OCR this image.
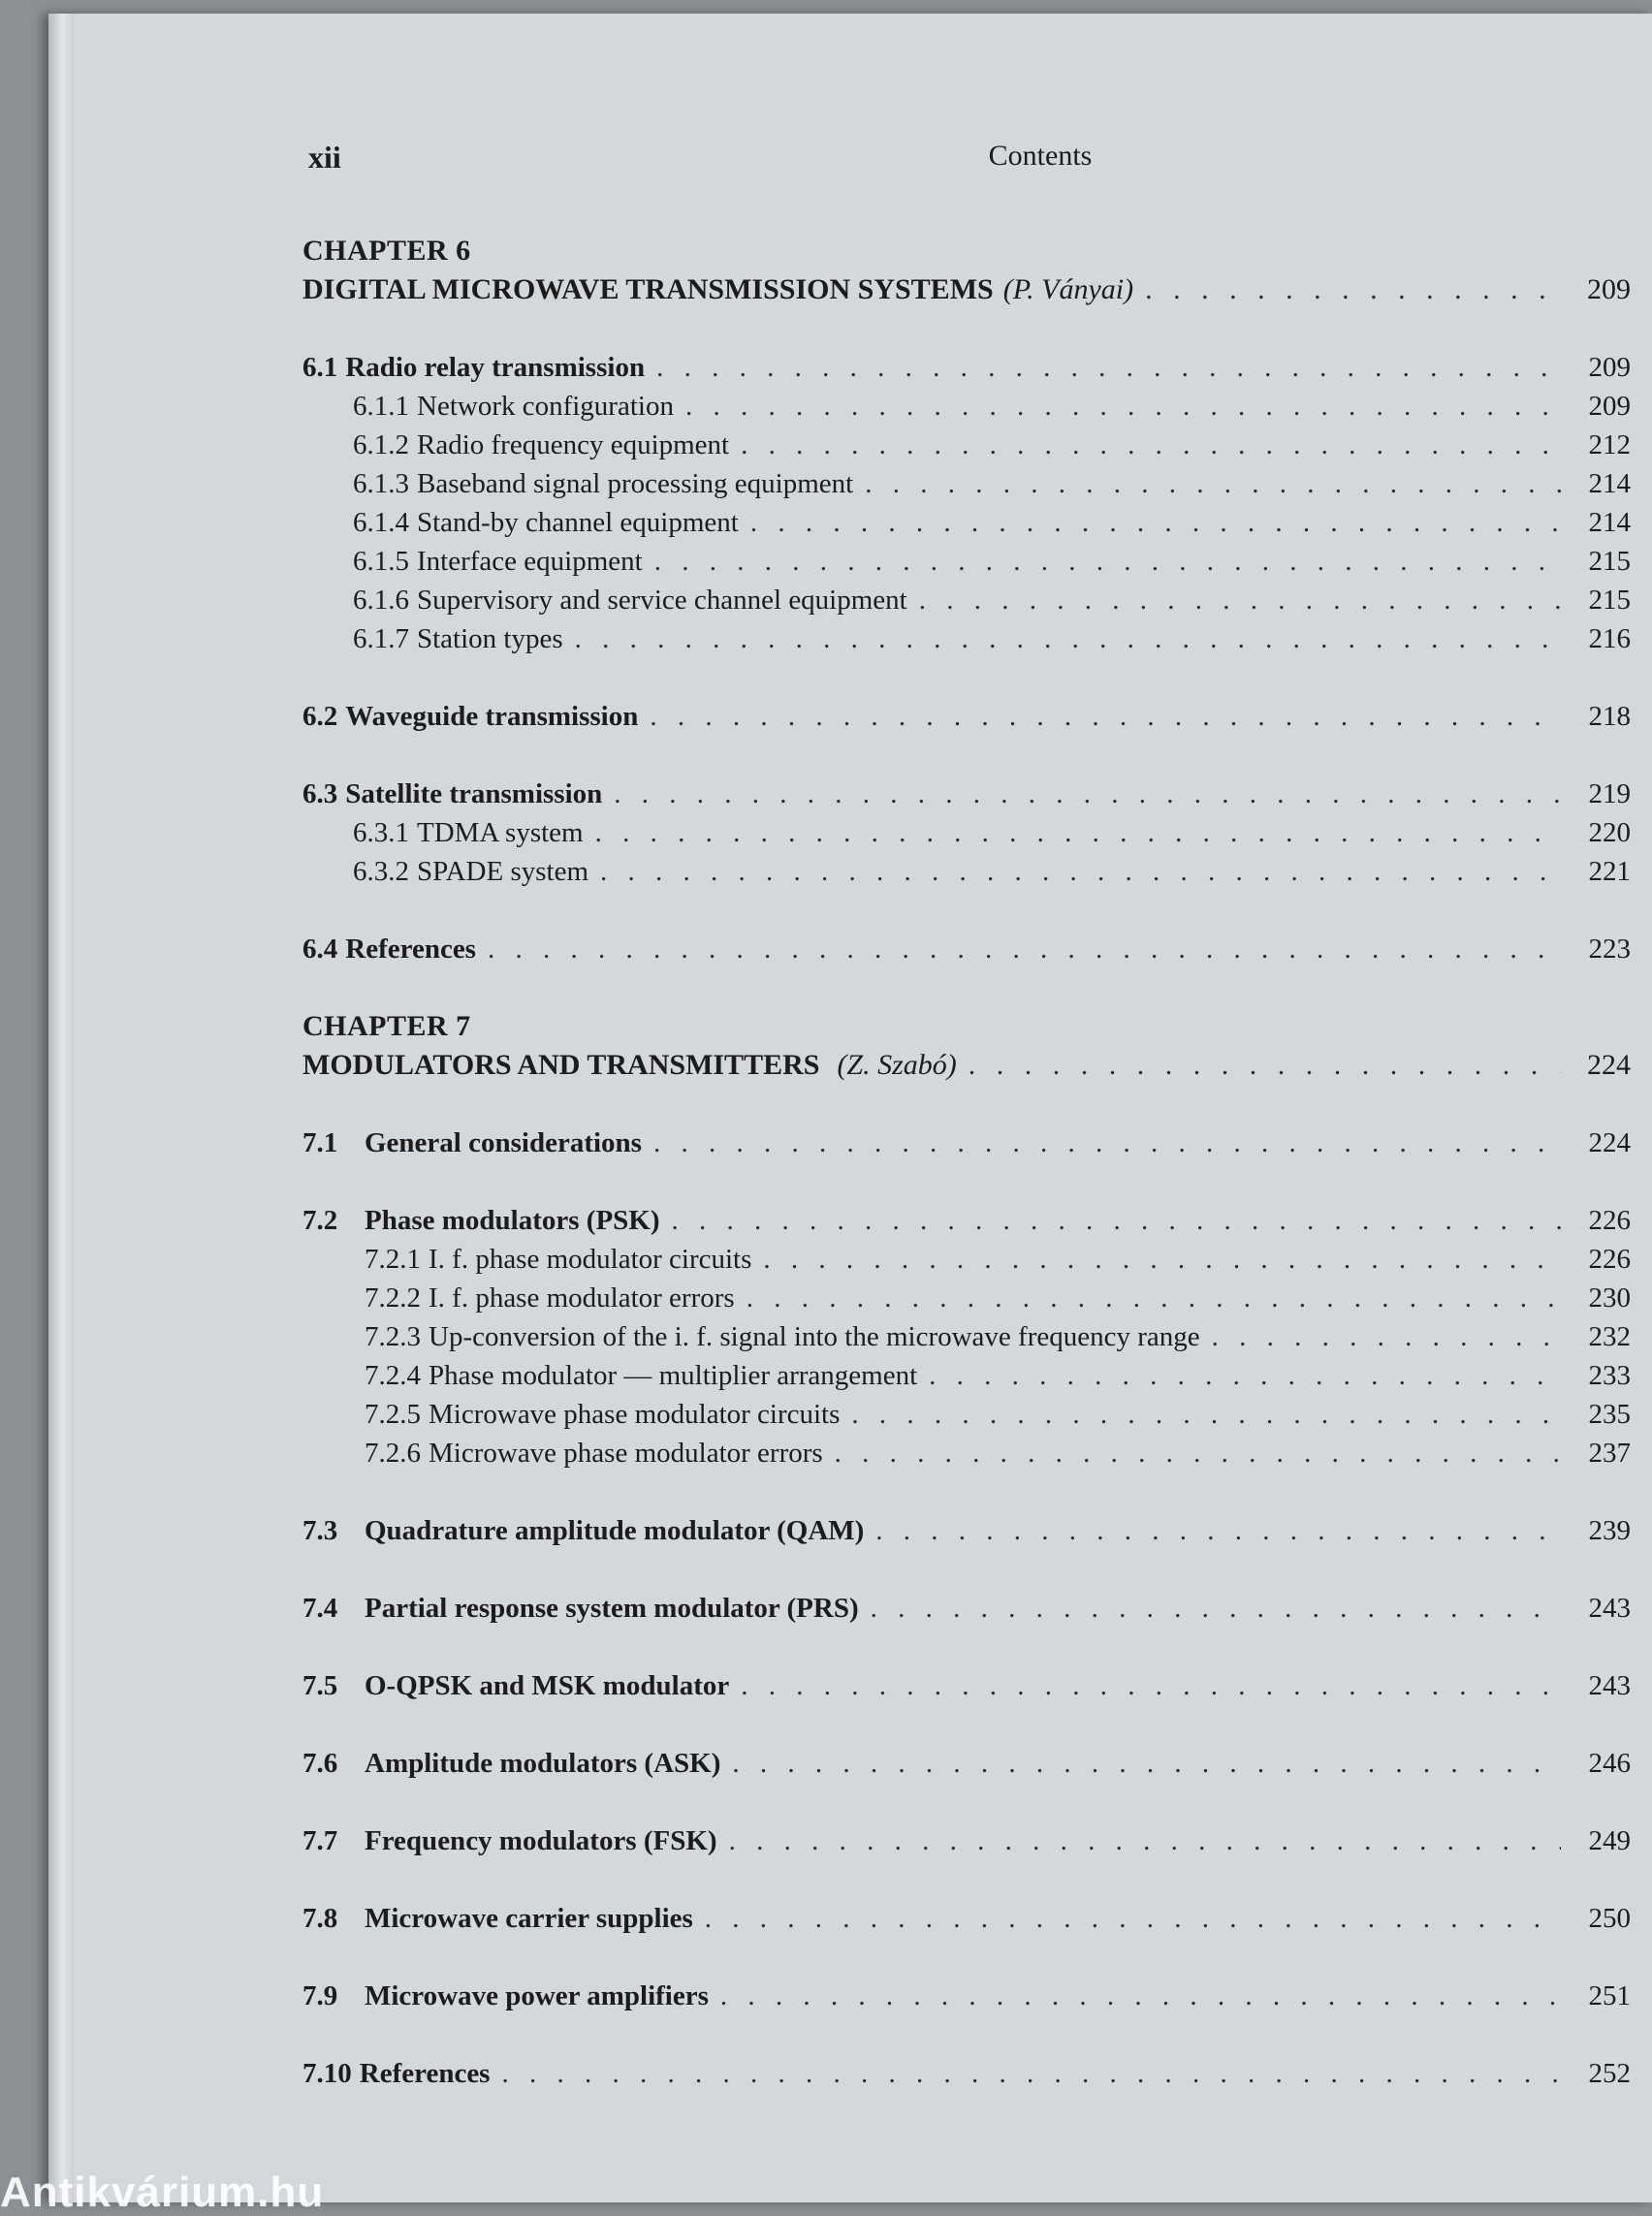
xii	Contents
CHAPTER 6
DIGITAL MICROWAVE TRANSMISSION SYSTEMS (P. Ványai)
. . .	209
6.1 Radio relay transmission
. . .	209
6.1.1 Network configuration
. . .	209
6.1.2 Radio frequency equipment
. . .	212
6.1.3 Baseband signal processing equipment
. . .	214
6.1.4 Stand-by channel equipment
. . .	214
6.1.5 Interface equipment
. . .	215
6.1.6 Supervisory and service channel equipment
. . .	215
6.1.7 Station types
. . .	216
6.2 Waveguide transmission
. . .	218
6.3 Satellite transmission
. . .	219
6.3.1 TDMA system
. . .	220
6.3.2 SPADE system
. . .	221
6.4 References
. . .	223
CHAPTER 7
MODULATORS AND TRANSMITTERS (Z. Szabó)
. . .	224
7.1 General considerations
. . .	224
7.2 Phase modulators (PSK)
. . .	226
7.2.1 I. f. phase modulator circuits
. . .	226
7.2.2 I. f. phase modulator errors
. . .	230
7.2.3 Up-conversion of the i. f. signal into the microwave frequency range
. . .	232
7.2.4 Phase modulator — multiplier arrangement
. . .	233
7.2.5 Microwave phase modulator circuits
. . .	235
7.2.6 Microwave phase modulator errors
. . .	237
7.3 Quadrature amplitude modulator (QAM)
. . .	239
7.4 Partial response system modulator (PRS)
. . .	243
7.5 O-QPSK and MSK modulator
. . .	243
7.6 Amplitude modulators (ASK)
. . .	246
7.7 Frequency modulators (FSK)
. . .	249
7.8 Microwave carrier supplies
. . .	250
7.9 Microwave power amplifiers
. . .	251
7.10 References
. . .	252
Antikvárium.hu
